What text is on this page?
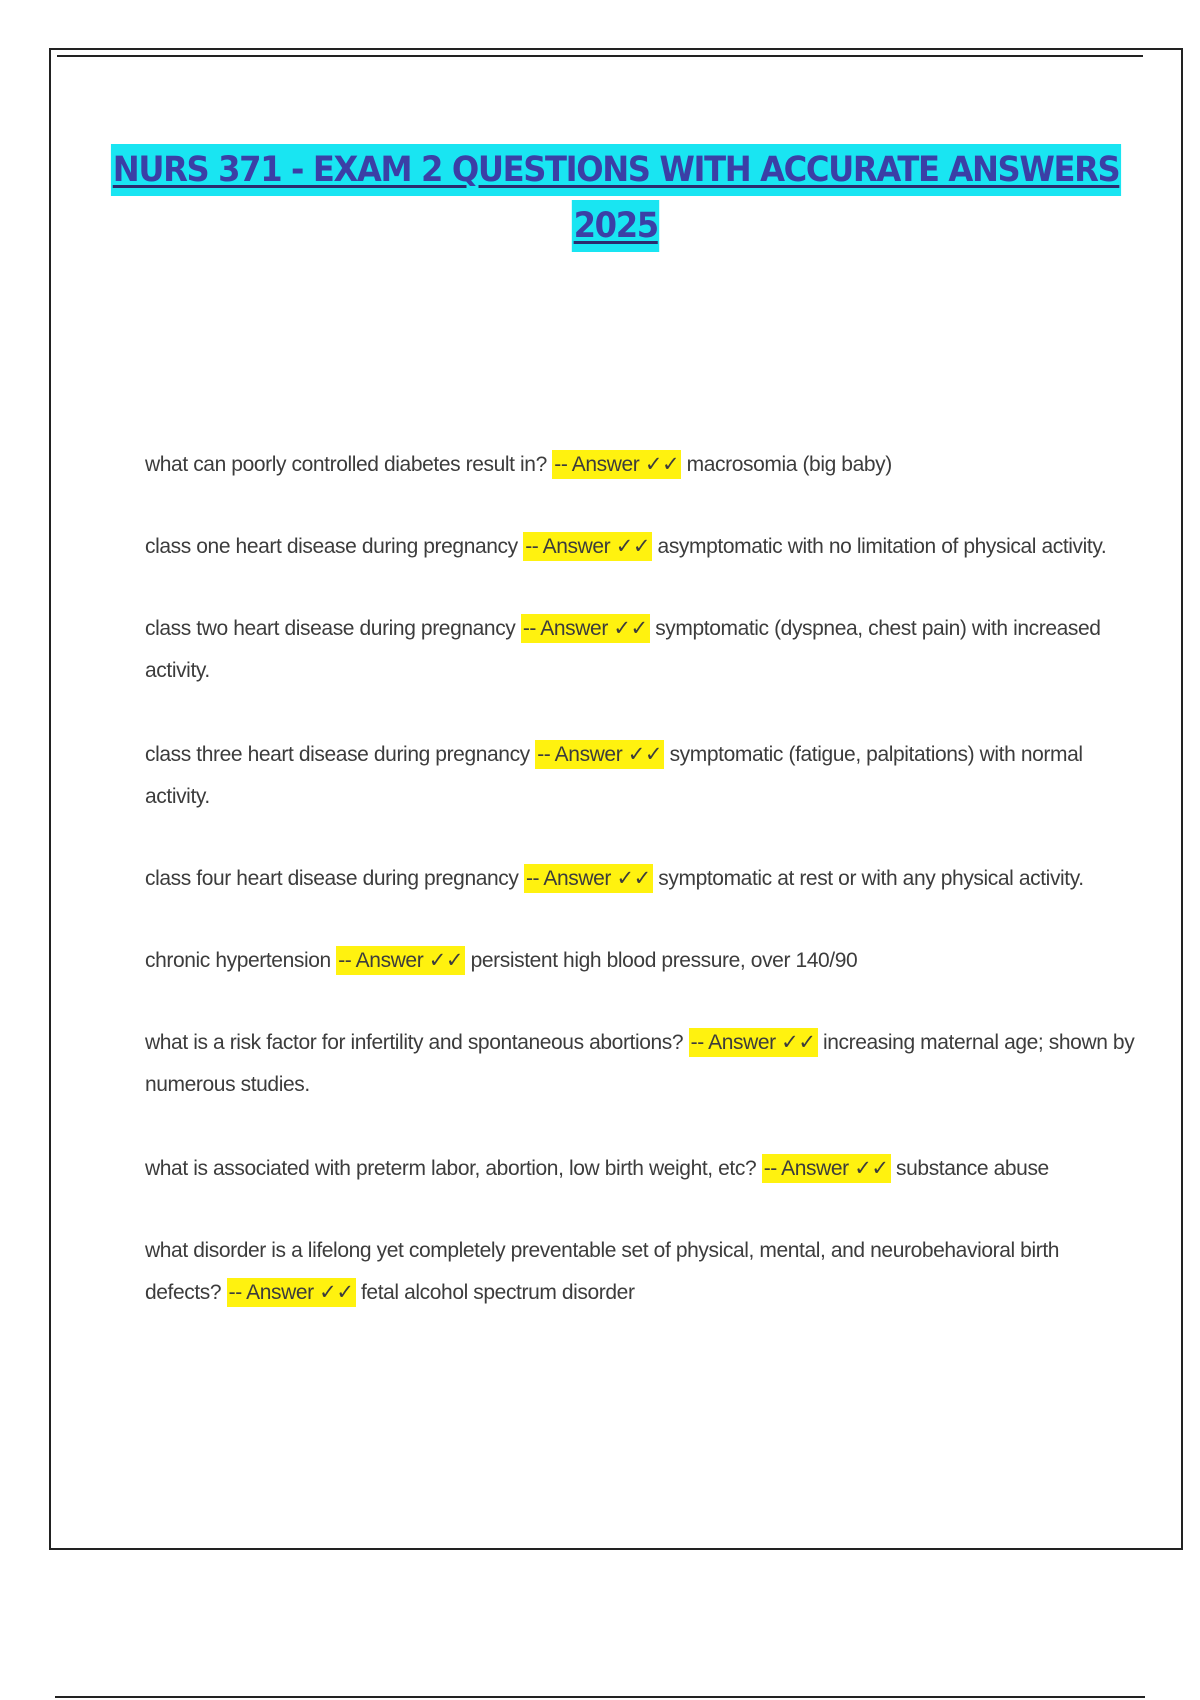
NURS 371 - EXAM 2 QUESTIONS WITH ACCURATE ANSWERS
2025
what can poorly controlled diabetes result in? -- Answer ✓✓ macrosomia (big baby)
class one heart disease during pregnancy -- Answer ✓✓ asymptomatic with no limitation of physical activity.
class two heart disease during pregnancy -- Answer ✓✓ symptomatic (dyspnea, chest pain) with increased activity.
class three heart disease during pregnancy -- Answer ✓✓ symptomatic (fatigue, palpitations) with normal activity.
class four heart disease during pregnancy -- Answer ✓✓ symptomatic at rest or with any physical activity.
chronic hypertension -- Answer ✓✓ persistent high blood pressure, over 140/90
what is a risk factor for infertility and spontaneous abortions? -- Answer ✓✓ increasing maternal age; shown by numerous studies.
what is associated with preterm labor, abortion, low birth weight, etc? -- Answer ✓✓ substance abuse
what disorder is a lifelong yet completely preventable set of physical, mental, and neurobehavioral birth defects? -- Answer ✓✓ fetal alcohol spectrum disorder
